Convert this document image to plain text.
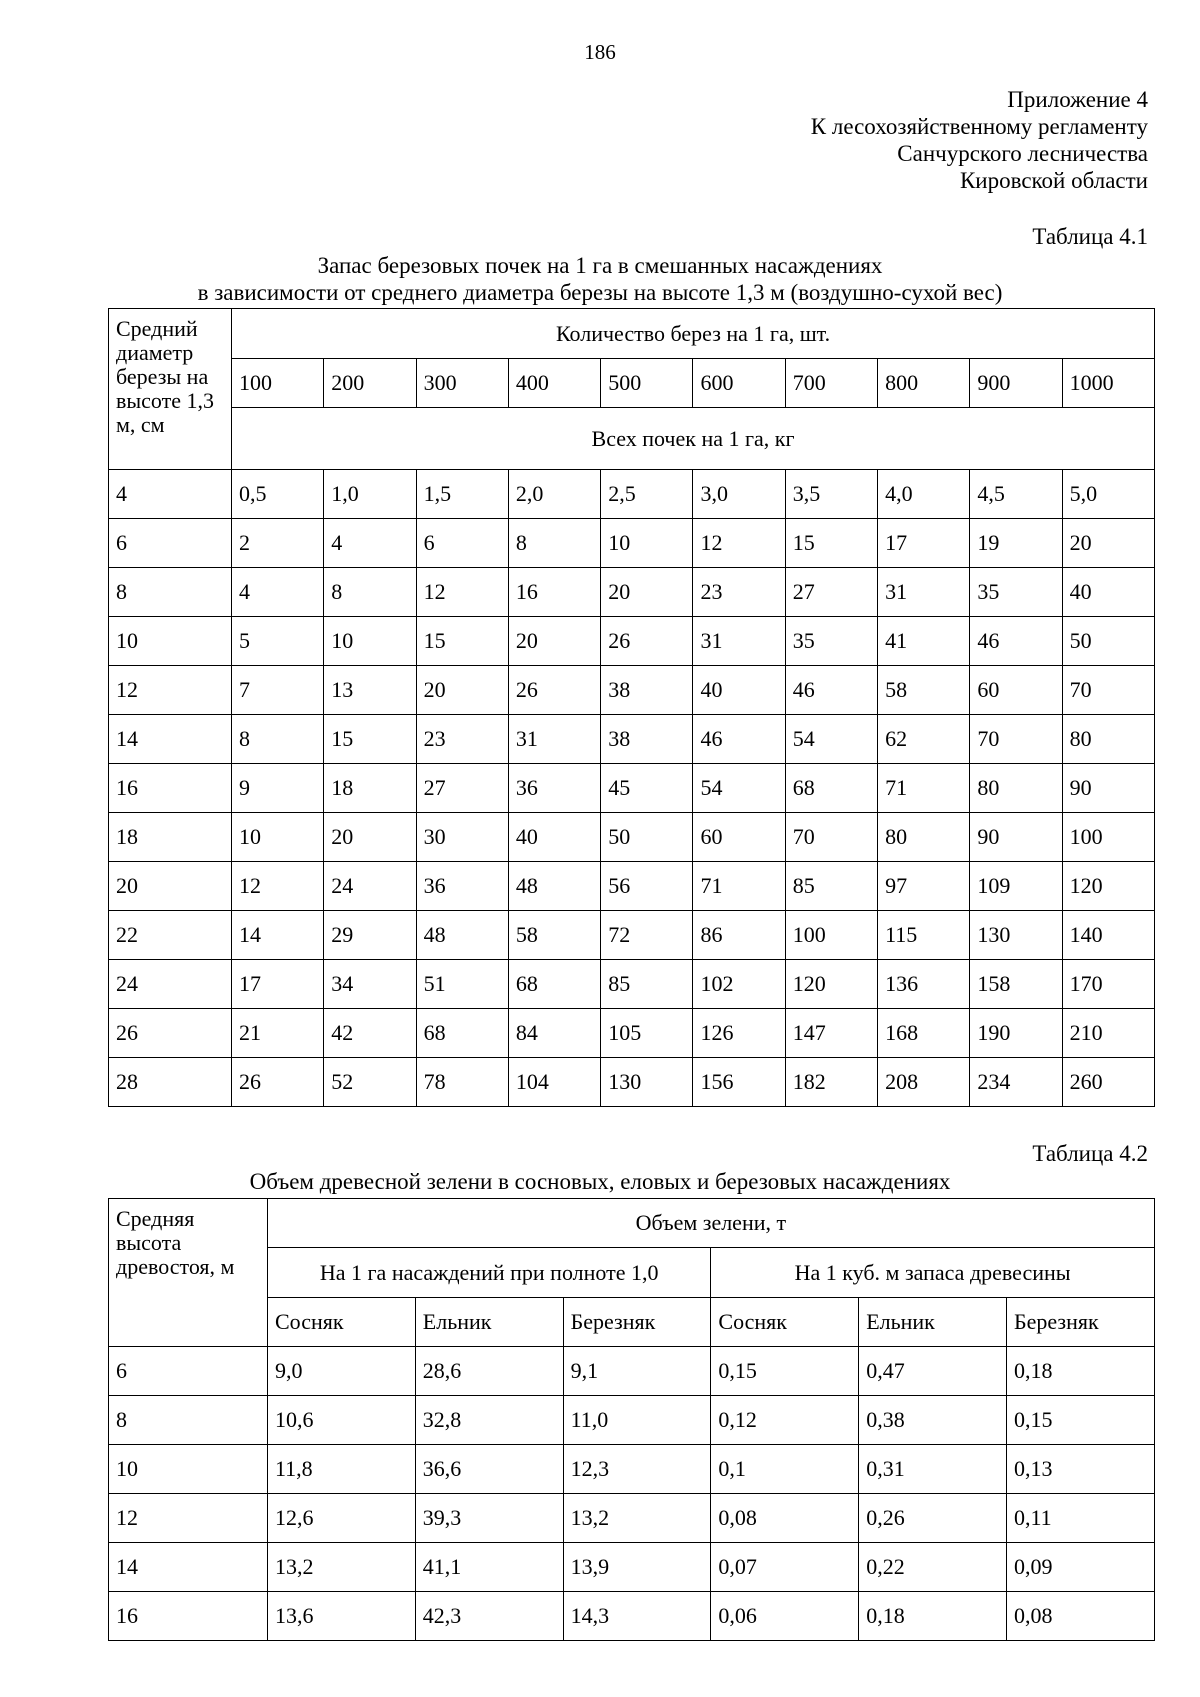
186
Приложение 4
К лесохозяйственному регламенту
Санчурского лесничества
Кировской области
Таблица 4.1
Запас березовых почек на 1 га в смешанных насаждениях
в зависимости от среднего диаметра березы на высоте 1,3 м (воздушно-сухой вес)
Средний диаметр березы на высоте 1,3 м, см	Количество берез на 1 га, шт.									
	100	200	300	400	500	600	700	800	900	1000
	Всех почек на 1 га, кг									
4	0,5	1,0	1,5	2,0	2,5	3,0	3,5	4,0	4,5	5,0
6	2	4	6	8	10	12	15	17	19	20
8	4	8	12	16	20	23	27	31	35	40
10	5	10	15	20	26	31	35	41	46	50
12	7	13	20	26	38	40	46	58	60	70
14	8	15	23	31	38	46	54	62	70	80
16	9	18	27	36	45	54	68	71	80	90
18	10	20	30	40	50	60	70	80	90	100
20	12	24	36	48	56	71	85	97	109	120
22	14	29	48	58	72	86	100	115	130	140
24	17	34	51	68	85	102	120	136	158	170
26	21	42	68	84	105	126	147	168	190	210
28	26	52	78	104	130	156	182	208	234	260
Таблица 4.2
Объем древесной зелени в сосновых, еловых и березовых насаждениях
Средняя высота древостоя, м	Объем зелени, т					
	На 1 га насаждений при полноте 1,0			На 1 куб. м запаса древесины		
	Сосняк	Ельник	Березняк	Сосняк	Ельник	Березняк
6	9,0	28,6	9,1	0,15	0,47	0,18
8	10,6	32,8	11,0	0,12	0,38	0,15
10	11,8	36,6	12,3	0,1	0,31	0,13
12	12,6	39,3	13,2	0,08	0,26	0,11
14	13,2	41,1	13,9	0,07	0,22	0,09
16	13,6	42,3	14,3	0,06	0,18	0,08
